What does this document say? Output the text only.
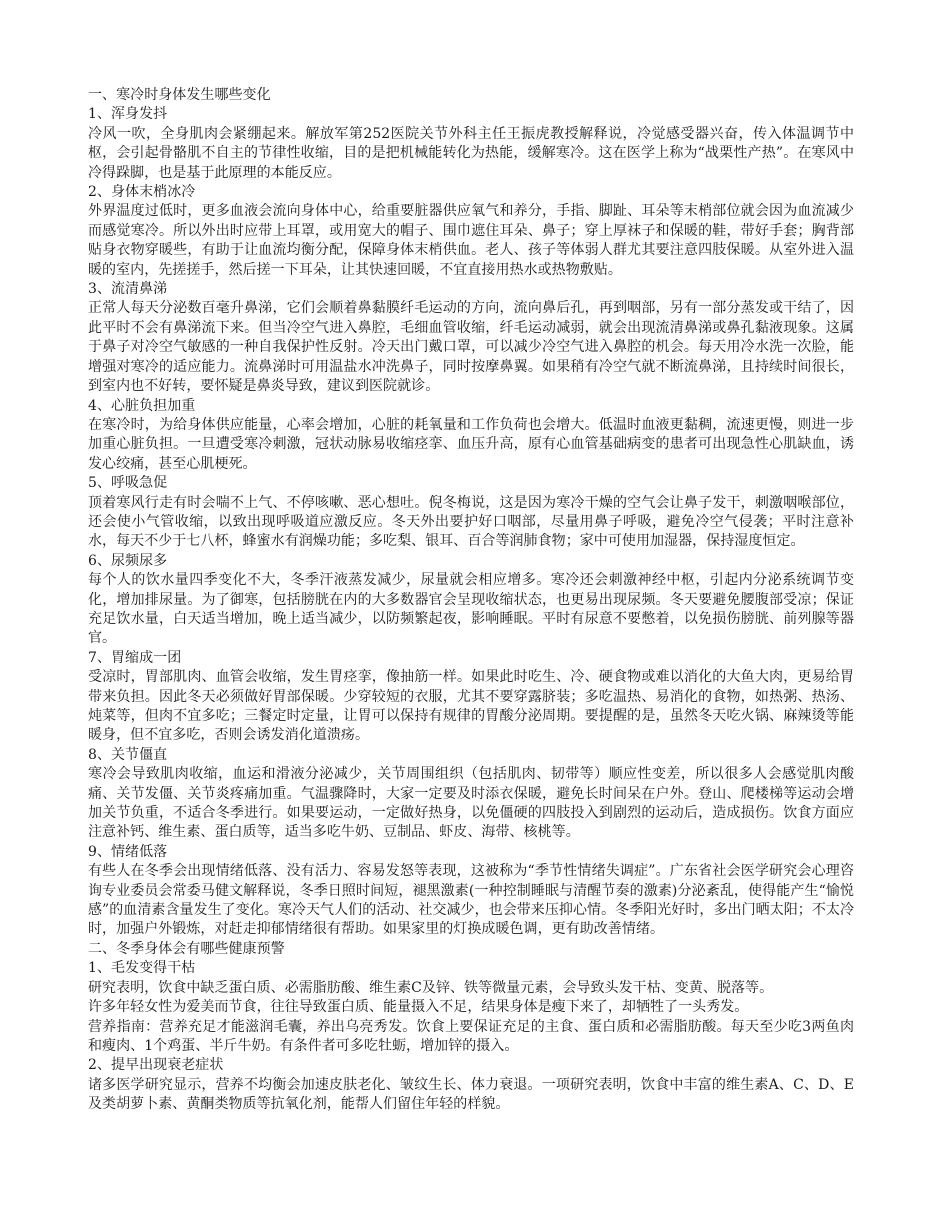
一、寒冷时身体发生哪些变化

1、浑身发抖

冷风一吹，全身肌肉会紧绷起来。解放军第252医院关节外科主任王振虎教授解释说，冷觉感受器兴奋，传入体温调节中枢，会引起骨骼肌不自主的节律性收缩，目的是把机械能转化为热能，缓解寒冷。这在医学上称为“战栗性产热”。在寒风中冷得跺脚，也是基于此原理的本能反应。

2、身体末梢冰冷

外界温度过低时，更多血液会流向身体中心，给重要脏器供应氧气和养分，手指、脚趾、耳朵等末梢部位就会因为血流减少而感觉寒冷。所以外出时应带上耳罩，或用宽大的帽子、围巾遮住耳朵、鼻子；穿上厚袜子和保暖的鞋，带好手套；胸背部贴身衣物穿暖些，有助于让血流均衡分配，保障身体末梢供血。老人、孩子等体弱人群尤其要注意四肢保暖。从室外进入温暖的室内，先搓搓手，然后搓一下耳朵，让其快速回暖，不宜直接用热水或热物敷贴。

3、流清鼻涕

正常人每天分泌数百毫升鼻涕，它们会顺着鼻黏膜纤毛运动的方向，流向鼻后孔，再到咽部，另有一部分蒸发或干结了，因此平时不会有鼻涕流下来。但当冷空气进入鼻腔，毛细血管收缩，纤毛运动减弱，就会出现流清鼻涕或鼻孔黏液现象。这属于鼻子对冷空气敏感的一种自我保护性反射。冷天出门戴口罩，可以减少冷空气进入鼻腔的机会。每天用冷水洗一次脸，能增强对寒冷的适应能力。流鼻涕时可用温盐水冲洗鼻子，同时按摩鼻翼。如果稍有冷空气就不断流鼻涕，且持续时间很长，到室内也不好转，要怀疑是鼻炎导致，建议到医院就诊。

4、心脏负担加重

在寒冷时，为给身体供应能量，心率会增加，心脏的耗氧量和工作负荷也会增大。低温时血液更黏稠，流速更慢，则进一步加重心脏负担。一旦遭受寒冷刺激，冠状动脉易收缩痉挛、血压升高，原有心血管基础病变的患者可出现急性心肌缺血，诱发心绞痛，甚至心肌梗死。

5、呼吸急促

顶着寒风行走有时会喘不上气、不停咳嗽、恶心想吐。倪冬梅说，这是因为寒冷干燥的空气会让鼻子发干，刺激咽喉部位，还会使小气管收缩，以致出现呼吸道应激反应。冬天外出要护好口咽部，尽量用鼻子呼吸，避免冷空气侵袭；平时注意补水，每天不少于七八杯，蜂蜜水有润燥功能；多吃梨、银耳、百合等润肺食物；家中可使用加湿器，保持湿度恒定。

6、尿频尿多

每个人的饮水量四季变化不大，冬季汗液蒸发减少，尿量就会相应增多。寒冷还会刺激神经中枢，引起内分泌系统调节变化，增加排尿量。为了御寒，包括膀胱在内的大多数器官会呈现收缩状态，也更易出现尿频。冬天要避免腰腹部受凉；保证充足饮水量，白天适当增加，晚上适当减少，以防频繁起夜，影响睡眠。平时有尿意不要憋着，以免损伤膀胱、前列腺等器官。

7、胃缩成一团

受凉时，胃部肌肉、血管会收缩，发生胃痉挛，像抽筋一样。如果此时吃生、冷、硬食物或难以消化的大鱼大肉，更易给胃带来负担。因此冬天必须做好胃部保暖。少穿较短的衣服，尤其不要穿露脐装；多吃温热、易消化的食物，如热粥、热汤、炖菜等，但肉不宜多吃；三餐定时定量，让胃可以保持有规律的胃酸分泌周期。要提醒的是，虽然冬天吃火锅、麻辣烫等能暖身，但不宜多吃，否则会诱发消化道溃疡。

8、关节僵直

寒冷会导致肌肉收缩，血运和滑液分泌减少，关节周围组织（包括肌肉、韧带等）顺应性变差，所以很多人会感觉肌肉酸痛、关节发僵、关节炎疼痛加重。气温骤降时，大家一定要及时添衣保暖，避免长时间呆在户外。登山、爬楼梯等运动会增加关节负重，不适合冬季进行。如果要运动，一定做好热身，以免僵硬的四肢投入到剧烈的运动后，造成损伤。饮食方面应注意补钙、维生素、蛋白质等，适当多吃牛奶、豆制品、虾皮、海带、核桃等。

9、情绪低落

有些人在冬季会出现情绪低落、没有活力、容易发怒等表现，这被称为“季节性情绪失调症”。广东省社会医学研究会心理咨询专业委员会常委马健文解释说，冬季日照时间短，褪黑激素(一种控制睡眠与清醒节奏的激素)分泌紊乱，使得能产生“愉悦感”的血清素含量发生了变化。寒冷天气人们的活动、社交减少，也会带来压抑心情。冬季阳光好时，多出门晒太阳；不太冷时，加强户外锻炼，对赶走抑郁情绪很有帮助。如果家里的灯换成暖色调，更有助改善情绪。

二、冬季身体会有哪些健康预警

1、毛发变得干枯

研究表明，饮食中缺乏蛋白质、必需脂肪酸、维生素C及锌、铁等微量元素，会导致头发干枯、变黄、脱落等。

许多年轻女性为爱美而节食，往往导致蛋白质、能量摄入不足，结果身体是瘦下来了，却牺牲了一头秀发。

营养指南：营养充足才能滋润毛囊，养出乌亮秀发。饮食上要保证充足的主食、蛋白质和必需脂肪酸。每天至少吃3两鱼肉和瘦肉、1个鸡蛋、半斤牛奶。有条件者可多吃牡蛎，增加锌的摄入。

2、提早出现衰老症状

诸多医学研究显示，营养不均衡会加速皮肤老化、皱纹生长、体力衰退。一项研究表明，饮食中丰富的维生素A、C、D、E及类胡萝卜素、黄酮类物质等抗氧化剂，能帮人们留住年轻的样貌。
